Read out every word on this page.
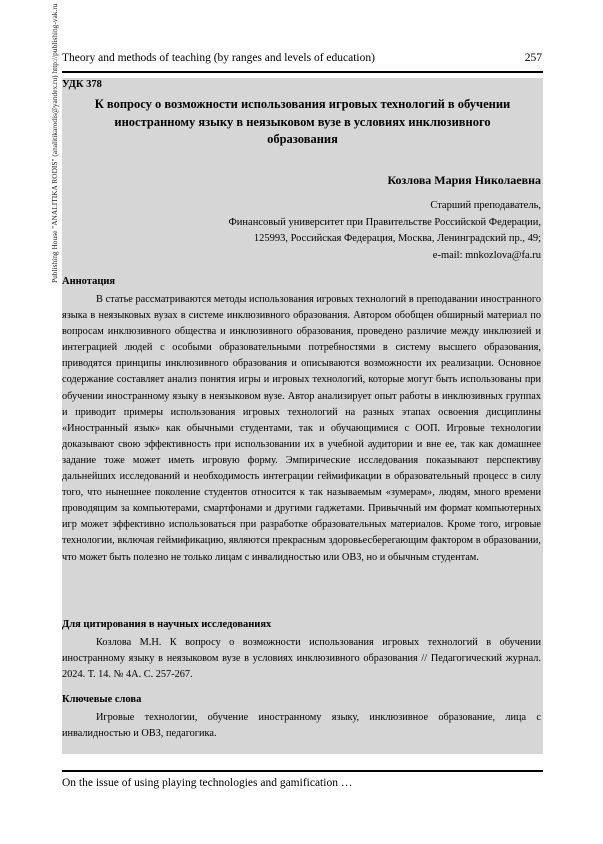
Theory and methods of teaching (by ranges and levels of education)	257
Publishing House "ANALITIKA RODIS" (analitikarodis@yandex.ru) http://publishing-vak.ru УДК 378
К вопросу о возможности использования игровых технологий в обучении иностранному языку в неязыковом вузе в условиях инклюзивного образования
Козлова Мария Николаевна
Старший преподаватель,
Финансовый университет при Правительстве Российской Федерации,
125993, Российская Федерация, Москва, Ленинградский пр., 49;
e-mail: mnkozlova@fa.ru
Аннотация

В статье рассматриваются методы использования игровых технологий в преподавании иностранного языка в неязыковых вузах в системе инклюзивного образования. Автором обобщен обширный материал по вопросам инклюзивного общества и инклюзивного образования, проведено различие между инклюзией и интеграцией людей с особыми образовательными потребностями в систему высшего образования, приводятся принципы инклюзивного образования и описываются возможности их реализации. Основное содержание составляет анализ понятия игры и игровых технологий, которые могут быть использованы при обучении иностранному языку в неязыковом вузе. Автор анализирует опыт работы в инклюзивных группах и приводит примеры использования игровых технологий на разных этапах освоения дисциплины «Иностранный язык» как обычными студентами, так и обучающимися с ООП. Игровые технологии доказывают свою эффективность при использовании их в учебной аудитории и вне ее, так как домашнее задание тоже может иметь игровую форму. Эмпирические исследования показывают перспективу дальнейших исследований и необходимость интеграции геймификации в образовательный процесс в силу того, что нынешнее поколение студентов относится к так называемым «зумерам», людям, много времени проводящим за компьютерами, смартфонами и другими гаджетами. Привычный им формат компьютерных игр может эффективно использоваться при разработке образовательных материалов. Кроме того, игровые технологии, включая геймификацию, являются прекрасным здоровьесберегающим фактором в образовании, что может быть полезно не только лицам с инвалидностью или ОВЗ, но и обычным студентам.

Для цитирования в научных исследованиях

Козлова М.Н. К вопросу о возможности использования игровых технологий в обучении иностранному языку в неязыковом вузе в условиях инклюзивного образования // Педагогический журнал. 2024. Т. 14. № 4А. С. 257-267.

Ключевые слова

Игровые технологии, обучение иностранному языку, инклюзивное образование, лица с инвалидностью и ОВЗ, педагогика.

On the issue of using playing technologies and gamification …
